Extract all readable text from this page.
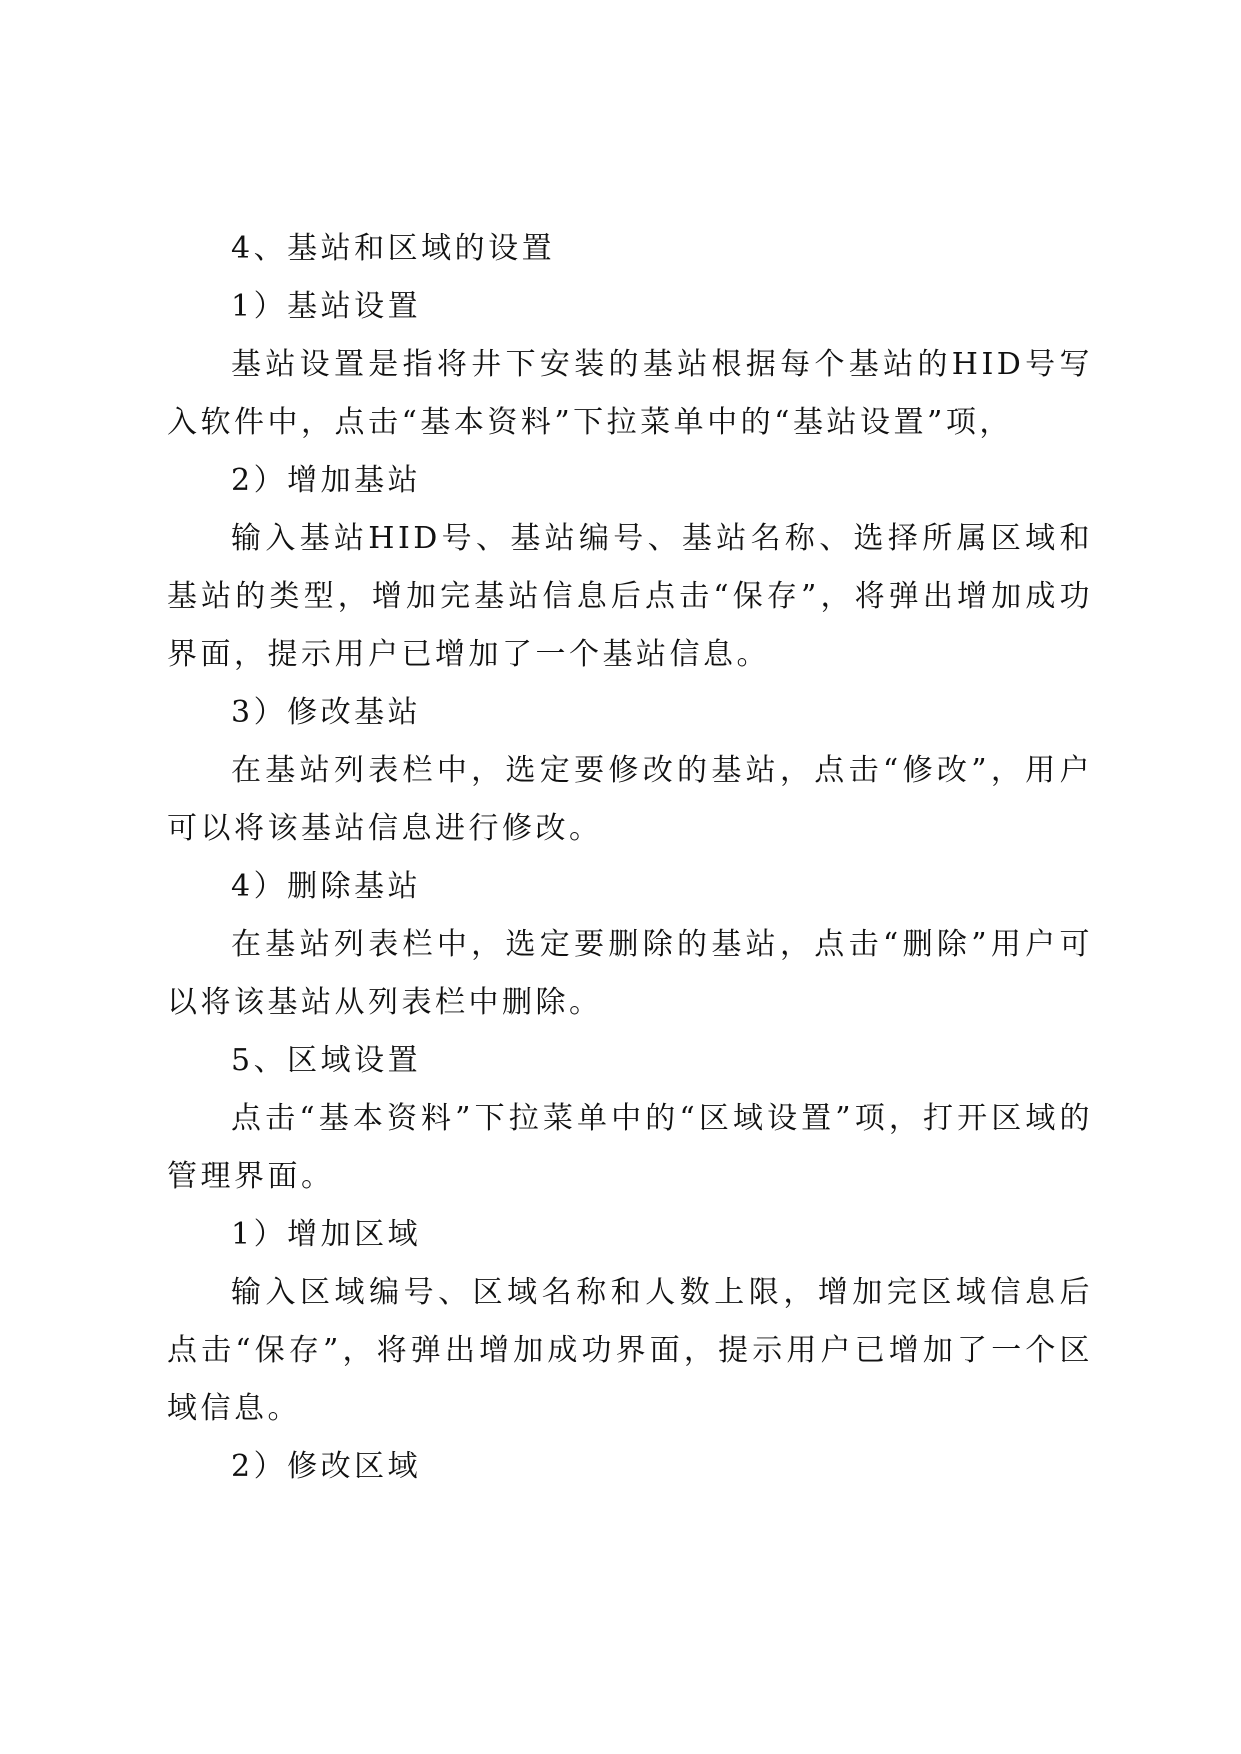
4、基站和区域的设置

1）基站设置

基站设置是指将井下安装的基站根据每个基站的HID号写入软件中，点击“基本资料”下拉菜单中的“基站设置”项，

2）增加基站

输入基站HID号、基站编号、基站名称、选择所属区域和基站的类型，增加完基站信息后点击“保存”，将弹出增加成功界面，提示用户已增加了一个基站信息。

3）修改基站

在基站列表栏中，选定要修改的基站，点击“修改”，用户可以将该基站信息进行修改。

4）删除基站

在基站列表栏中，选定要删除的基站，点击“删除”用户可以将该基站从列表栏中删除。

5、区域设置

点击“基本资料”下拉菜单中的“区域设置”项，打开区域的管理界面。

1）增加区域

输入区域编号、区域名称和人数上限，增加完区域信息后点击“保存”，将弹出增加成功界面，提示用户已增加了一个区域信息。

2）修改区域
